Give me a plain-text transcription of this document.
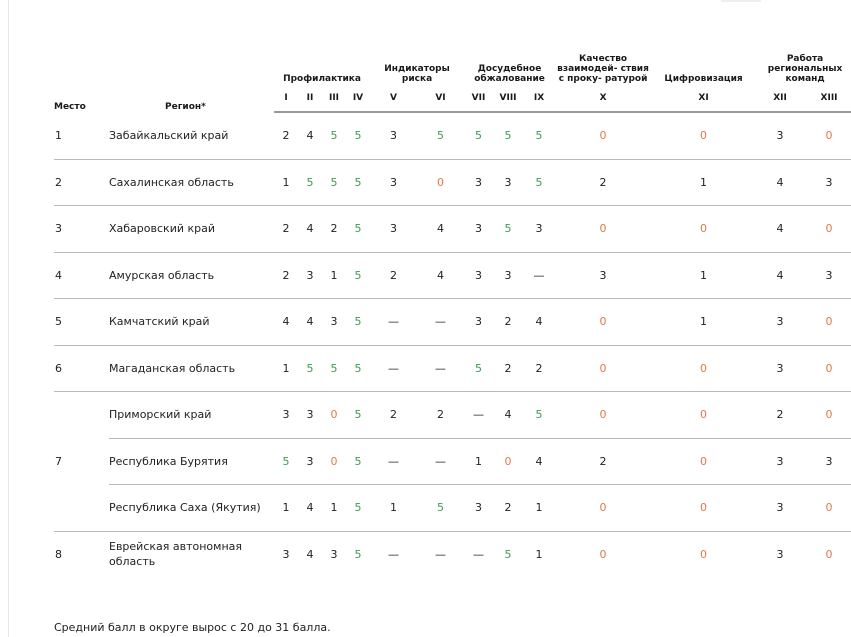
Место	Регион*	Профилактика				Индикаторы риска		Досудебное обжалование			Качество взаимодей- ствия с проку- ратурой	Цифровизация	Работа региональных команд	
		I	II	III	IV	V	VI	VII	VIII	IX	X	XI	XII	XIII
1	Забайкальский край	2	4	5	5	3	5	5	5	5	0	0	3	0
2	Сахалинская область	1	5	5	5	3	0	3	3	5	2	1	4	3
3	Хабаровский край	2	4	2	5	3	4	3	5	3	0	0	4	0
4	Амурская область	2	3	1	5	2	4	3	3	—	3	1	4	3
5	Камчатский край	4	4	3	5	—	—	3	2	4	0	1	3	0
6	Магаданская область	1	5	5	5	—	—	5	2	2	0	0	3	0
7	Приморский край	3	3	0	5	2	2	—	4	5	0	0	2	0
	Республика Бурятия	5	3	0	5	—	—	1	0	4	2	0	3	3
	Республика Саха (Якутия)	1	4	1	5	1	5	3	2	1	0	0	3	0
8	Еврейская автономная область	3	4	3	5	—	—	—	5	1	0	0	3	0
Средний балл в округе вырос с 20 до 31 балла.
